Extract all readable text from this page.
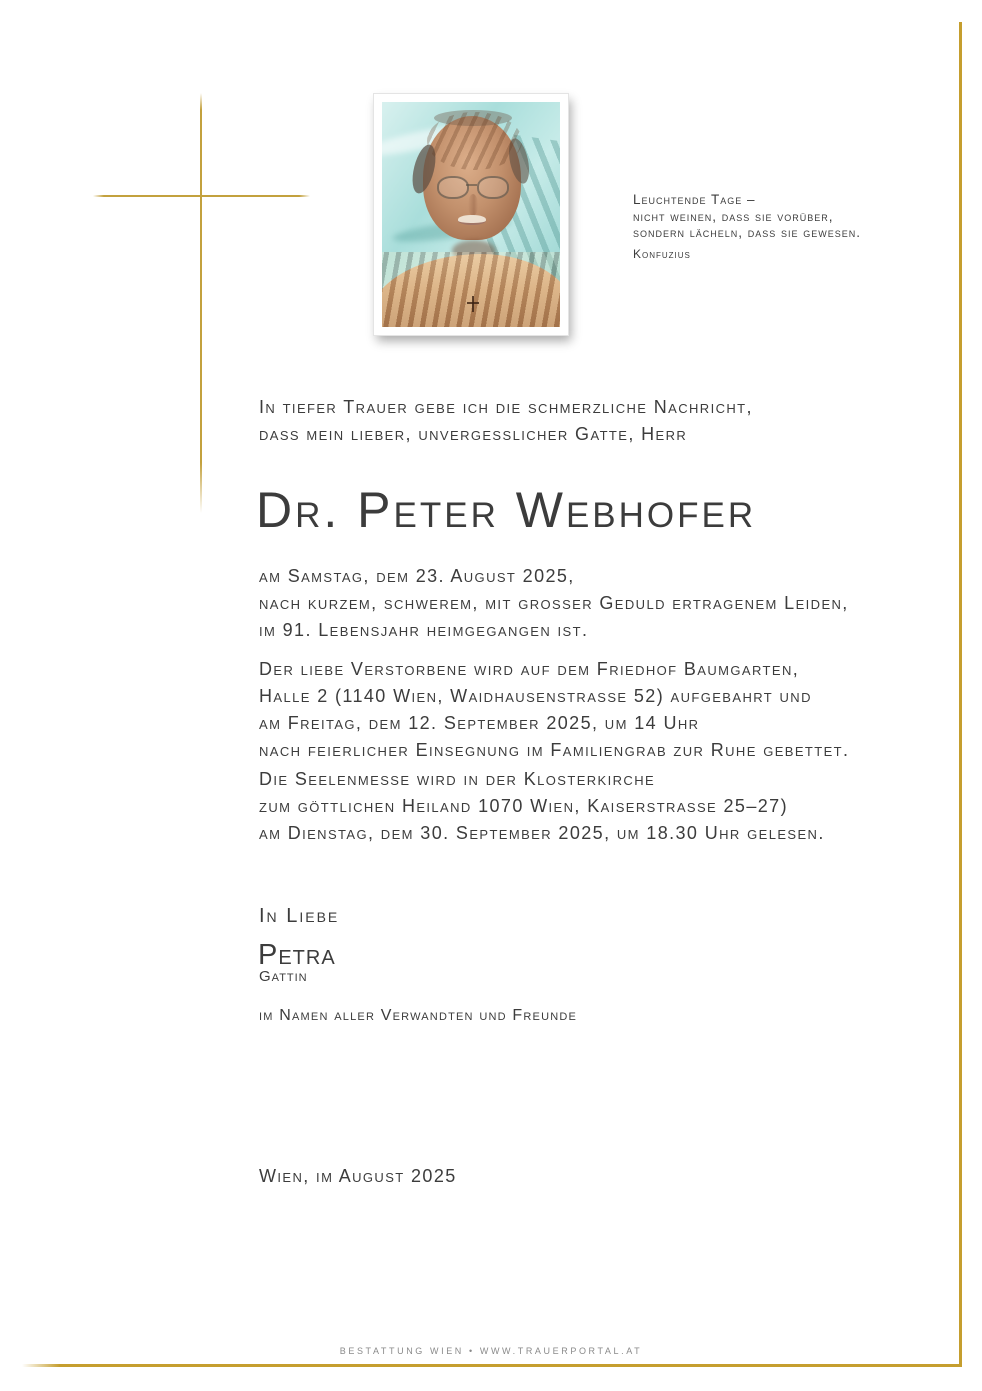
Leuchtende Tage –
nicht weinen, dass sie vorüber,
sondern lächeln, dass sie gewesen.
Konfuzius
In tiefer Trauer gebe ich die schmerzliche Nachricht,
dass mein lieber, unvergesslicher Gatte, Herr
Dr. Peter Webhofer
am Samstag, dem 23. August 2025,
nach kurzem, schwerem, mit grosser Geduld ertragenem Leiden,
im 91. Lebensjahr heimgegangen ist.
Der liebe Verstorbene wird auf dem Friedhof Baumgarten,
Halle 2 (1140 Wien, Waidhausenstrasse 52) aufgebahrt und
am Freitag, dem 12. September 2025, um 14 Uhr
nach feierlicher Einsegnung im Familiengrab zur Ruhe gebettet.
Die Seelenmesse wird in der Klosterkirche
zum göttlichen Heiland 1070 Wien, Kaiserstrasse 25–27)
am Dienstag, dem 30. September 2025, um 18.30 Uhr gelesen.
In Liebe
Petra
Gattin
im Namen aller Verwandten und Freunde
Wien, im August 2025
BESTATTUNG WIEN • WWW.TRAUERPORTAL.AT
